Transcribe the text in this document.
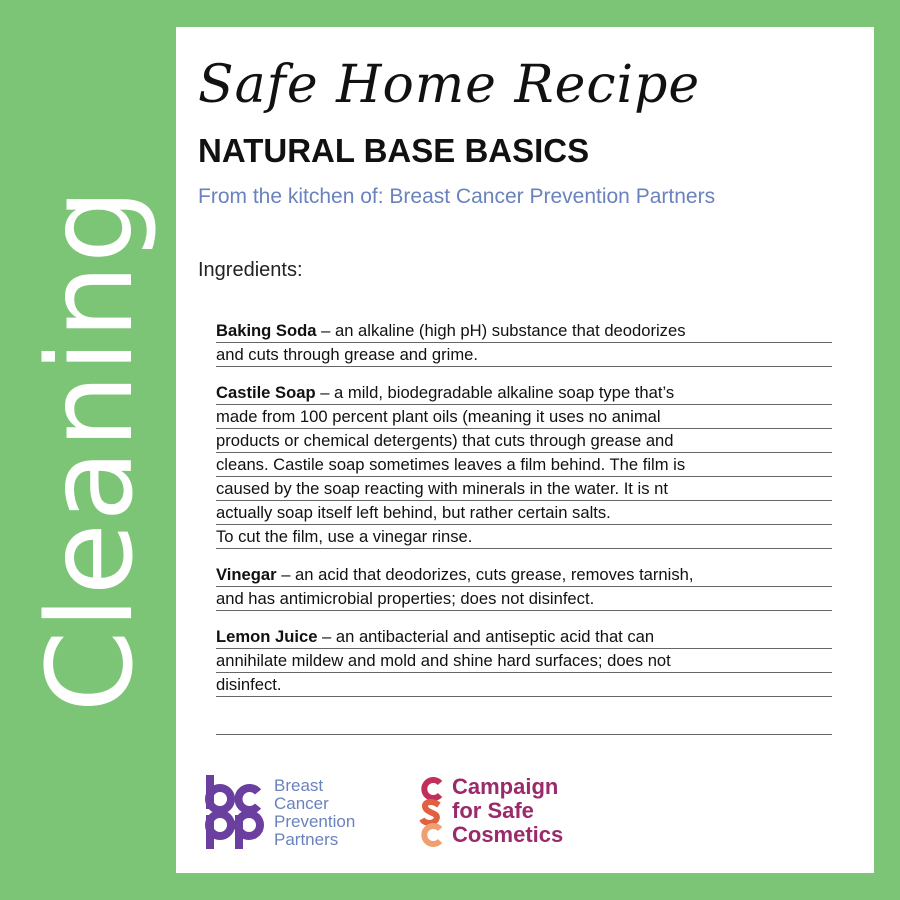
Cleaning
Safe Home Recipe
NATURAL BASE BASICS
From the kitchen of: Breast Cancer Prevention Partners
Ingredients:
Baking Soda – an alkaline (high pH) substance that deodorizes
and cuts through grease and grime.
Castile Soap – a mild, biodegradable alkaline soap type that’s
made from 100 percent plant oils (meaning it uses no animal
products or chemical detergents) that cuts through grease and
cleans. Castile soap sometimes leaves a film behind. The film is
caused by the soap reacting with minerals in the water. It is nt
actually soap itself left behind, but rather certain salts.
To cut the film, use a vinegar rinse.
Vinegar – an acid that deodorizes, cuts grease, removes tarnish,
and has antimicrobial properties; does not disinfect.
Lemon Juice – an antibacterial and antiseptic acid that can
annihilate mildew and mold and shine hard surfaces; does not
disinfect.
Breast
Cancer
Prevention
Partners
Campaign
for Safe
Cosmetics
